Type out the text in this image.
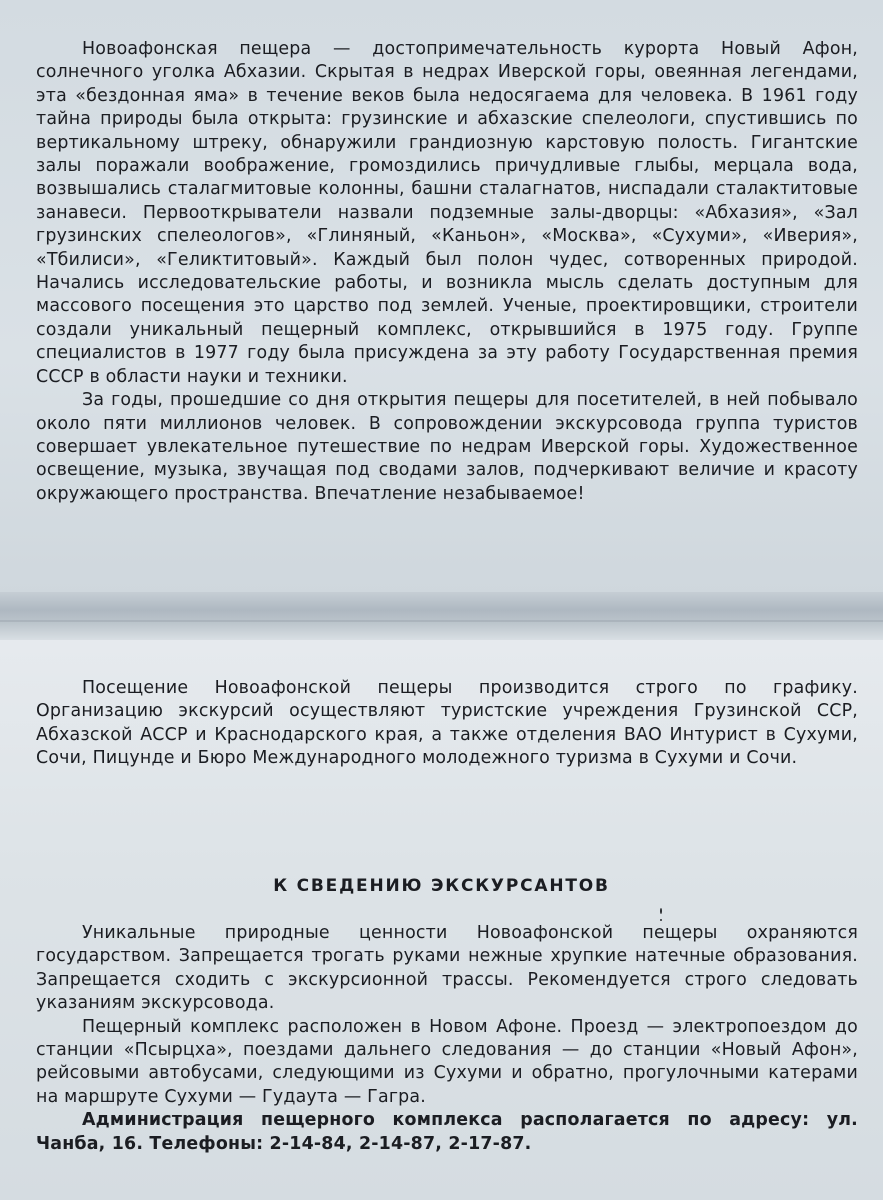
Новоафонская пещера — достопримечательность курорта Новый Афон, солнечного уголка Абхазии. Скрытая в недрах Иверской горы, овеянная легендами, эта «бездонная яма» в течение веков была недосягаема для человека. В 1961 году тайна природы была открыта: грузинские и абхазские спелеологи, спустившись по вертикальному штреку, обнаружили грандиозную карстовую полость. Гигантские залы поражали воображение, громоздились причудливые глыбы, мерцала вода, возвышались сталагмитовые колонны, башни сталагнатов, ниспадали сталактитовые занавеси. Первооткрыватели назвали подземные залы-дворцы: «Абхазия», «Зал грузинских спелеологов», «Глиняный, «Каньон», «Москва», «Сухуми», «Иверия», «Тбилиси», «Геликтитовый». Каждый был полон чудес, сотворенных природой. Начались исследовательские работы, и возникла мысль сделать доступным для массового посещения это царство под землей. Ученые, проектировщики, строители создали уникальный пещерный комплекс, открывшийся в 1975 году. Группе специалистов в 1977 году была присуждена за эту работу Государственная премия СССР в области науки и техники.

За годы, прошедшие со дня открытия пещеры для посетителей, в ней побывало около пяти миллионов человек. В сопровождении экскурсовода группа туристов совершает увлекательное путешествие по недрам Иверской горы. Художественное освещение, музыка, звучащая под сводами залов, подчеркивают величие и красоту окружающего пространства. Впечатление незабываемое!

Посещение Новоафонской пещеры производится строго по графику. Организацию экскурсий осуществляют туристские учреждения Грузинской ССР, Абхазской АССР и Краснодарского края, а также отделения ВАО Интурист в Сухуми, Сочи, Пицунде и Бюро Международного молодежного туризма в Сухуми и Сочи.

К СВЕДЕНИЮ ЭКСКУРСАНТОВ

Уникальные природные ценности Новоафонской пещеры охраняются государством. Запрещается трогать руками нежные хрупкие натечные образования. Запрещается сходить с экскурсионной трассы. Рекомендуется строго следовать указаниям экскурсовода.

Пещерный комплекс расположен в Новом Афоне. Проезд — электропоездом до станции «Псырцха», поездами дальнего следования — до станции «Новый Афон», рейсовыми автобусами, следующими из Сухуми и обратно, прогулочными катерами на маршруте Сухуми — Гудаута — Гагра.

Администрация пещерного комплекса располагается по адресу: ул. Чанба, 16. Телефоны: 2-14-84, 2-14-87, 2-17-87.
